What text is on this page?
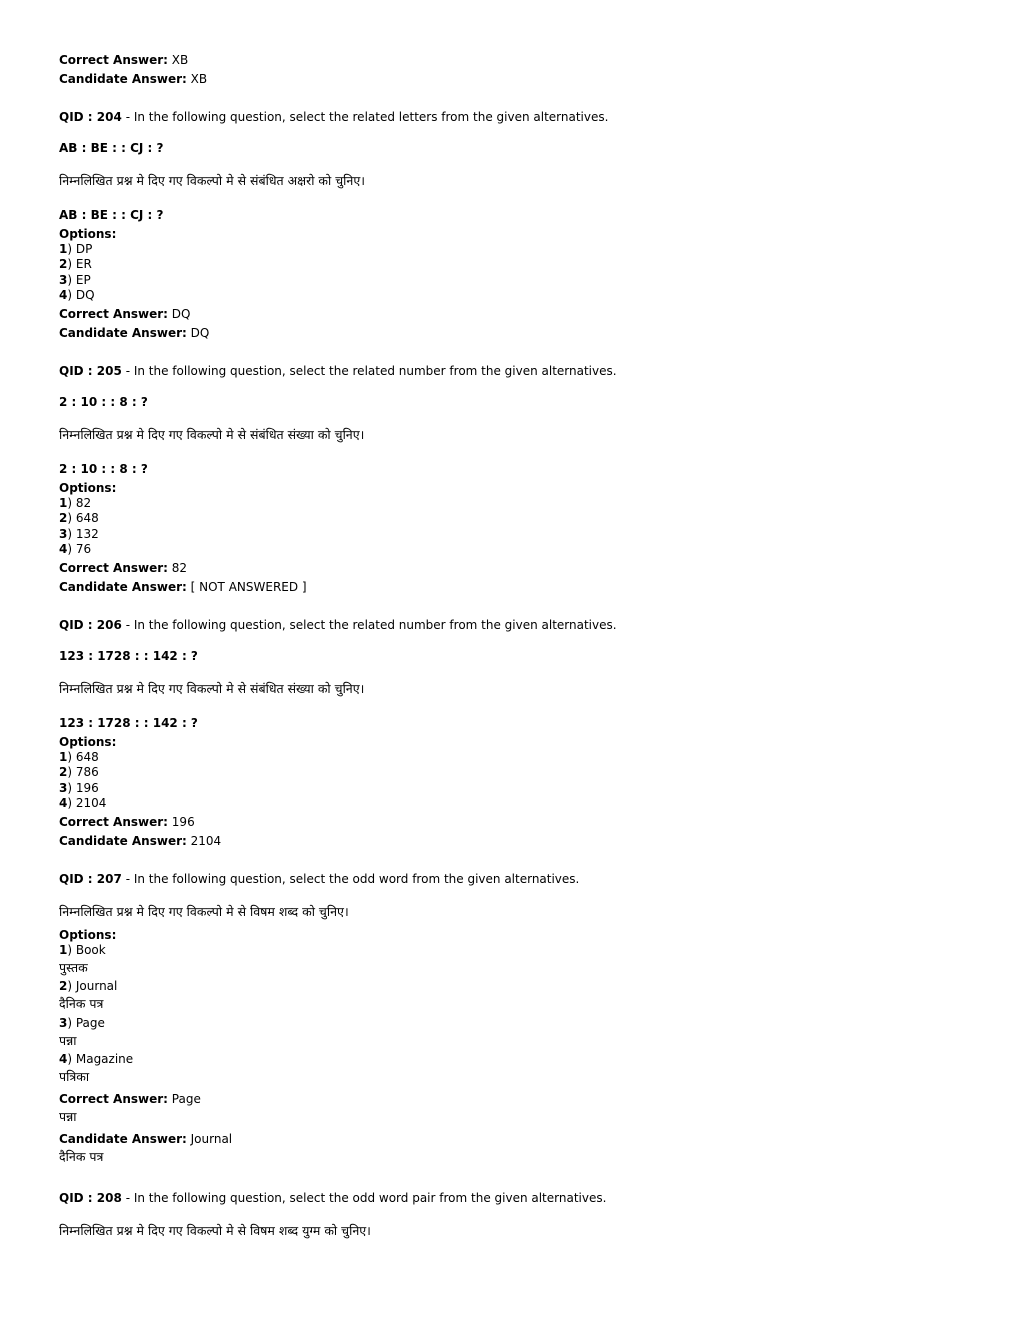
Correct Answer: XB
Candidate Answer: XB
QID : 204 - In the following question, select the related letters from the given alternatives.
AB : BE : : CJ : ?
निम्नलिखित प्रश्न मे दिए गए विकल्पो मे से संबंधित अक्षरो को चुनिए।
AB : BE : : CJ : ?
Options:
1) DP
2) ER
3) EP
4) DQ
Correct Answer: DQ
Candidate Answer: DQ
QID : 205 - In the following question, select the related number from the given alternatives.
2 : 10 : : 8 : ?
निम्नलिखित प्रश्न मे दिए गए विकल्पो मे से संबंधित संख्या को चुनिए।
2 : 10 : : 8 : ?
Options:
1) 82
2) 648
3) 132
4) 76
Correct Answer: 82
Candidate Answer: [ NOT ANSWERED ]
QID : 206 - In the following question, select the related number from the given alternatives.
123 : 1728 : : 142 : ?
निम्नलिखित प्रश्न मे दिए गए विकल्पो मे से संबंधित संख्या को चुनिए।
123 : 1728 : : 142 : ?
Options:
1) 648
2) 786
3) 196
4) 2104
Correct Answer: 196
Candidate Answer: 2104
QID : 207 - In the following question, select the odd word from the given alternatives.
निम्नलिखित प्रश्न मे दिए गए विकल्पो मे से विषम शब्द को चुनिए।
Options:
1) Book
पुस्तक
2) Journal
दैनिक पत्र
3) Page
पन्ना
4) Magazine
पत्रिका
Correct Answer: Page
पन्ना
Candidate Answer: Journal
दैनिक पत्र
QID : 208 - In the following question, select the odd word pair from the given alternatives.
निम्नलिखित प्रश्न मे दिए गए विकल्पो मे से विषम शब्द युग्म को चुनिए।
